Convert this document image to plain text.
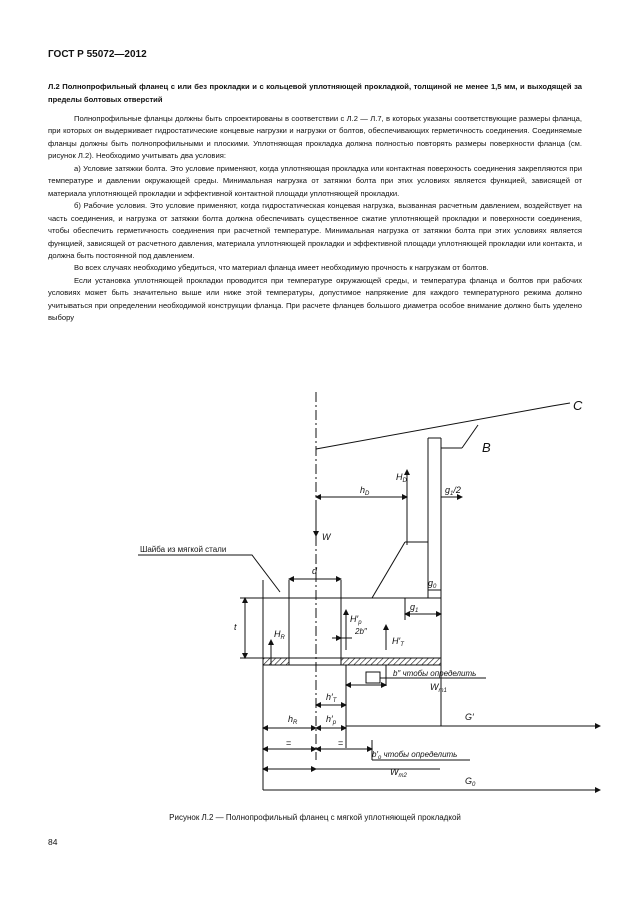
ГОСТ Р 55072—2012
Л.2 Полнопрофильный фланец с или без прокладки и с кольцевой уплотняющей прокладкой, толщиной не менее 1,5 мм, и выходящей за пределы болтовых отверстий

Полнопрофильные фланцы должны быть спроектированы в соответствии с Л.2 — Л.7, в которых указаны соответствующие размеры фланца, при которых он выдерживает гидростатические концевые нагрузки и нагрузки от болтов, обеспечивающих герметичность соединения. Соединяемые фланцы должны быть полнопрофильными и плоскими. Уплотняющая прокладка должна полностью повторять размеры поверхности фланца (см. рисунок Л.2). Необходимо учитывать два условия:

а) Условие затяжки болта. Это условие применяют, когда уплотняющая прокладка или контактная поверхность соединения закрепляются при температуре и давлении окружающей среды. Минимальная нагрузка от затяжки болта при этих условиях является функцией, зависящей от материала уплотняющей прокладки и эффективной контактной площади уплотняющей прокладки.

б) Рабочие условия. Это условие применяют, когда гидростатическая концевая нагрузка, вызванная расчетным давлением, воздействует на часть соединения, и нагрузка от затяжки болта должна обеспечивать существенное сжатие уплотняющей прокладки и поверхности соединения, чтобы обеспечить герметичность соединения при расчетной температуре. Минимальная нагрузка от затяжки болта при этих условиях является функцией, зависящей от расчетного давления, материала уплотняющей прокладки и эффективной площади уплотняющей прокладки или контакта, и должна быть постоянной под давлением.

Во всех случаях необходимо убедиться, что материал фланца имеет необходимую прочность к нагрузкам от болтов.

Если установка уплотняющей прокладки проводится при температуре окружающей среды, и температура фланца и болтов при рабочих условиях может быть значительно выше или ниже этой температуры, допустимое напряжение для каждого температурного режима должно учитываться при определении необходимой конструкции фланца. При расчете фланцев большого диаметра особое внимание должно быть уделено выбору

C
B
$H_D$
$h_D$	$g_1/2$
W
Шайба из мягкой стали
d
$g_0$
$g_1$
t
$H'_p$
$H_R$
2b″
$H'_T$
b″ чтобы определить
$W_{m1}$
$h'_T$
G′
$h_R$	$h'_p$
=	=
$b'_o$ чтобы определить
$W_{m2}$	$G_0$
Рисунок Л.2 — Полнопрофильный фланец с мягкой уплотняющей прокладкой
84
